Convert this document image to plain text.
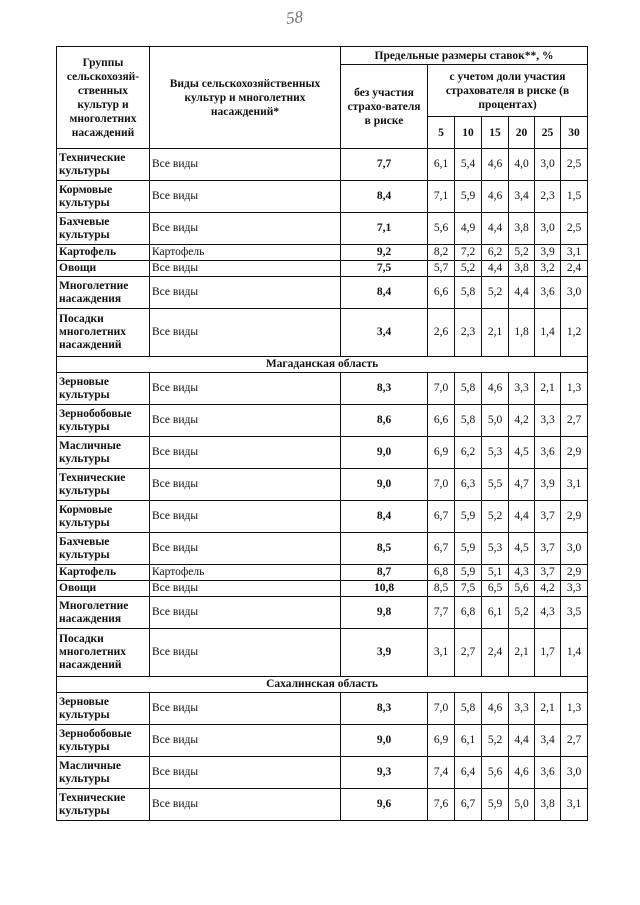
58
Группы сельскохозяй-ственных культур и многолетних насаждений	Виды сельскохозяйственных культур и многолетних насаждений*	Предельные размеры ставок**, %						
		без участия страхо-вателя в риске	с учетом доли участия страхователя в риске (в процентах)					
			5	10	15	20	25	30
Технические культуры	Все виды	7,7	6,1	5,4	4,6	4,0	3,0	2,5
Кормовые культуры	Все виды	8,4	7,1	5,9	4,6	3,4	2,3	1,5
Бахчевые культуры	Все виды	7,1	5,6	4,9	4,4	3,8	3,0	2,5
Картофель	Картофель	9,2	8,2	7,2	6,2	5,2	3,9	3,1
Овощи	Все виды	7,5	5,7	5,2	4,4	3,8	3,2	2,4
Многолетние насаждения	Все виды	8,4	6,6	5,8	5,2	4,4	3,6	3,0
Посадки многолетних насаждений	Все виды	3,4	2,6	2,3	2,1	1,8	1,4	1,2
Магаданская область								
Зерновые культуры	Все виды	8,3	7,0	5,8	4,6	3,3	2,1	1,3
Зернобобовые культуры	Все виды	8,6	6,6	5,8	5,0	4,2	3,3	2,7
Масличные культуры	Все виды	9,0	6,9	6,2	5,3	4,5	3,6	2,9
Технические культуры	Все виды	9,0	7,0	6,3	5,5	4,7	3,9	3,1
Кормовые культуры	Все виды	8,4	6,7	5,9	5,2	4,4	3,7	2,9
Бахчевые культуры	Все виды	8,5	6,7	5,9	5,3	4,5	3,7	3,0
Картофель	Картофель	8,7	6,8	5,9	5,1	4,3	3,7	2,9
Овощи	Все виды	10,8	8,5	7,5	6,5	5,6	4,2	3,3
Многолетние насаждения	Все виды	9,8	7,7	6,8	6,1	5,2	4,3	3,5
Посадки многолетних насаждений	Все виды	3,9	3,1	2,7	2,4	2,1	1,7	1,4
Сахалинская область								
Зерновые культуры	Все виды	8,3	7,0	5,8	4,6	3,3	2,1	1,3
Зернобобовые культуры	Все виды	9,0	6,9	6,1	5,2	4,4	3,4	2,7
Масличные культуры	Все виды	9,3	7,4	6,4	5,6	4,6	3,6	3,0
Технические культуры	Все виды	9,6	7,6	6,7	5,9	5,0	3,8	3,1
